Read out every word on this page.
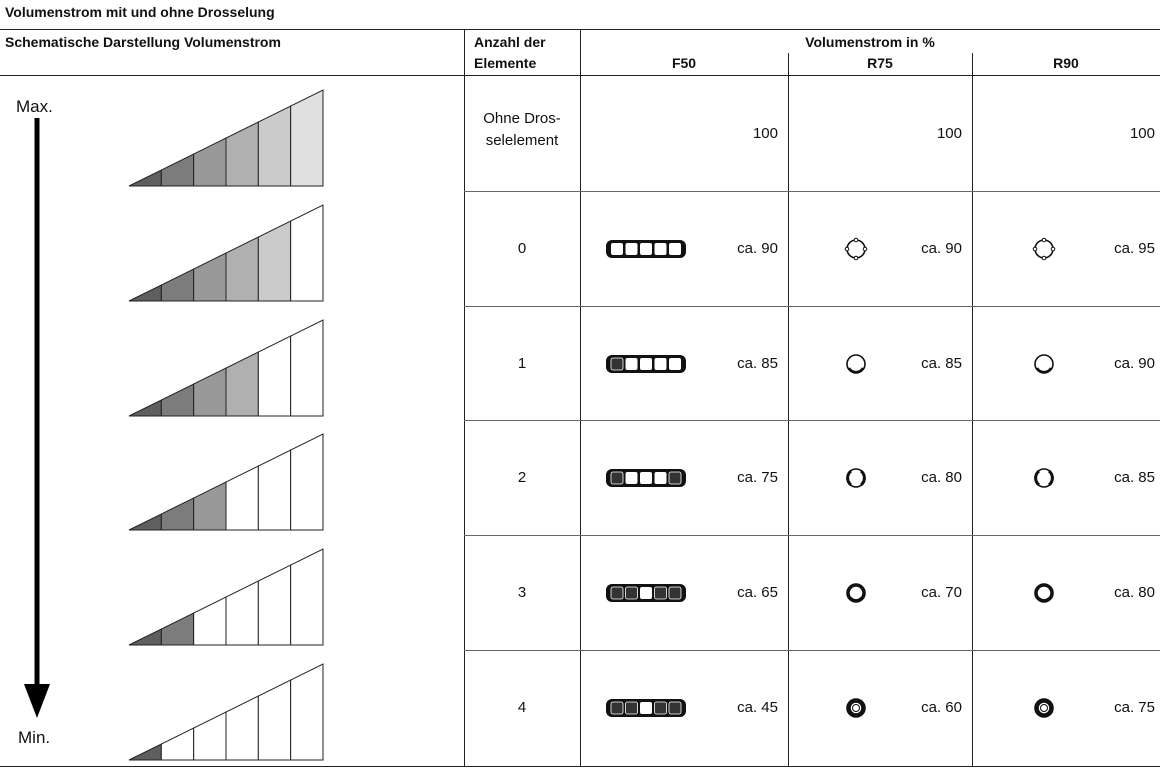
Volumenstrom mit und ohne Drosselung
Schematische Darstellung Volumenstrom	Anzahl der
Elemente
Volumenstrom in %
F50	R75	R90
Max.
Min.
Ohne Dros-
selelement	100	100	100
0	ca. 90	ca. 90	ca. 95
1	ca. 85	ca. 85	ca. 90
2	ca. 75	ca. 80	ca. 85
3	ca. 65	ca. 70	ca. 80
4	ca. 45	ca. 60	ca. 75
